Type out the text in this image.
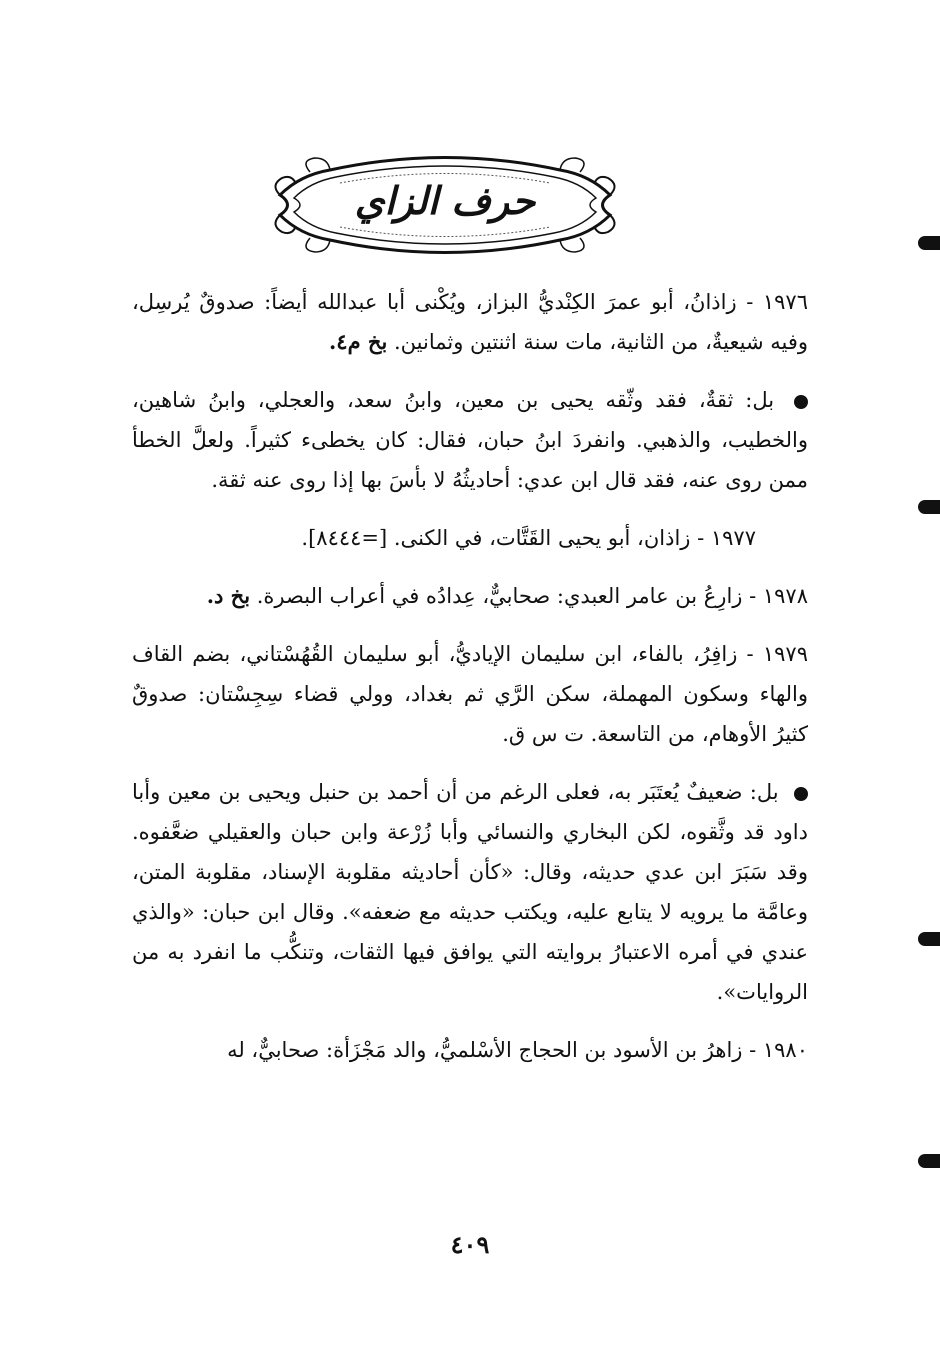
حرف الزاي

١٩٧٦ - زاذانُ، أبو عمرَ الكِنْديُّ البزاز، ويُكْنى أبا عبدالله أيضاً: صدوقٌ يُرسِل، وفيه شيعيةٌ، من الثانية، مات سنة اثنتين وثمانين. بخ م٤.

بل: ثقةٌ، فقد وثّقه يحيى بن معين، وابنُ سعد، والعجلي، وابنُ شاهين، والخطيب، والذهبي. وانفردَ ابنُ حبان، فقال: كان يخطىء كثيراً. ولعلَّ الخطأ ممن روى عنه، فقد قال ابن عدي: أحاديثُهُ لا بأسَ بها إذا روى عنه ثقة.

١٩٧٧ - زاذان، أبو يحيى القَتَّات، في الكنى. [=٨٤٤٤].

١٩٧٨ - زارِعُ بن عامر العبدي: صحابيٌّ، عِدادُه في أعراب البصرة. بخ د.

١٩٧٩ - زافِرُ، بالفاء، ابن سليمان الإياديُّ، أبو سليمان القُهُسْتاني، بضم القاف والهاء وسكون المهملة، سكن الرَّي ثم بغداد، وولي قضاء سِجِسْتان: صدوقٌ كثيرُ الأوهام، من التاسعة. ت س ق.

بل: ضعيفٌ يُعتَبَر به، فعلى الرغم من أن أحمد بن حنبل ويحيى بن معين وأبا داود قد وثَّقوه، لكن البخاري والنسائي وأبا زُرْعة وابن حبان والعقيلي ضعَّفوه. وقد سَبَرَ ابن عدي حديثه، وقال: «كأن أحاديثه مقلوبة الإسناد، مقلوبة المتن، وعامَّة ما يرويه لا يتابع عليه، ويكتب حديثه مع ضعفه». وقال ابن حبان: «والذي عندي في أمره الاعتبارُ بروايته التي يوافق فيها الثقات، وتنكُّب ما انفرد به من الروايات».

١٩٨٠ - زاهرُ بن الأسود بن الحجاج الأسْلميُّ، والد مَجْزَأة: صحابيٌّ، له

٤٠٩
